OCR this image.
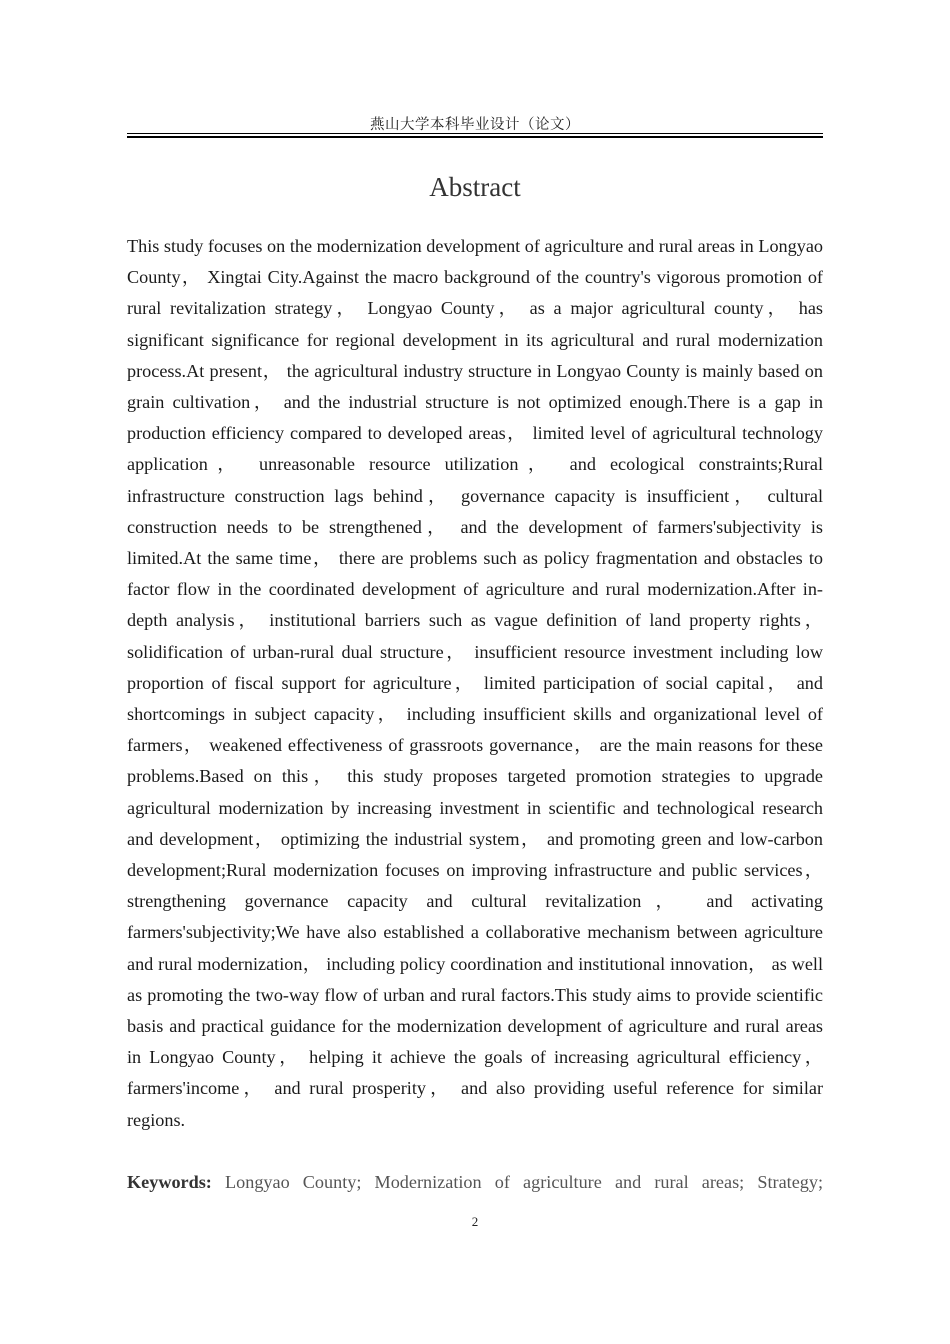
燕山大学本科毕业设计（论文）
Abstract

This study focuses on the modernization development of agriculture and rural areas in Longyao County， Xingtai City.Against the macro background of the country's vigorous promotion of rural revitalization strategy， Longyao County， as a major agricultural county， has significant significance for regional development in its agricultural and rural modernization process.At present， the agricultural industry structure in Longyao County is mainly based on grain cultivation， and the industrial structure is not optimized enough.There is a gap in production efficiency compared to developed areas， limited level of agricultural technology application， unreasonable resource utilization， and ecological constraints;Rural infrastructure construction lags behind， governance capacity is insufficient， cultural construction needs to be strengthened， and the development of farmers'subjectivity is limited.At the same time， there are problems such as policy fragmentation and obstacles to factor flow in the coordinated development of agriculture and rural modernization.After in-depth analysis， institutional barriers such as vague definition of land property rights， solidification of urban-rural dual structure， insufficient resource investment including low proportion of fiscal support for agriculture， limited participation of social capital， and shortcomings in subject capacity， including insufficient skills and organizational level of farmers， weakened effectiveness of grassroots governance， are the main reasons for these problems.Based on this， this study proposes targeted promotion strategies to upgrade agricultural modernization by increasing investment in scientific and technological research and development， optimizing the industrial system， and promoting green and low-carbon development;Rural modernization focuses on improving infrastructure and public services， strengthening governance capacity and cultural revitalization， and activating farmers'subjectivity;We have also established a collaborative mechanism between agriculture and rural modernization， including policy coordination and institutional innovation， as well as promoting the two-way flow of urban and rural factors.This study aims to provide scientific basis and practical guidance for the modernization development of agriculture and rural areas in Longyao County， helping it achieve the goals of increasing agricultural efficiency， farmers'income， and rural prosperity， and also providing useful reference for similar regions.

Keywords: Longyao County; Modernization of agriculture and rural areas; Strategy;

2
